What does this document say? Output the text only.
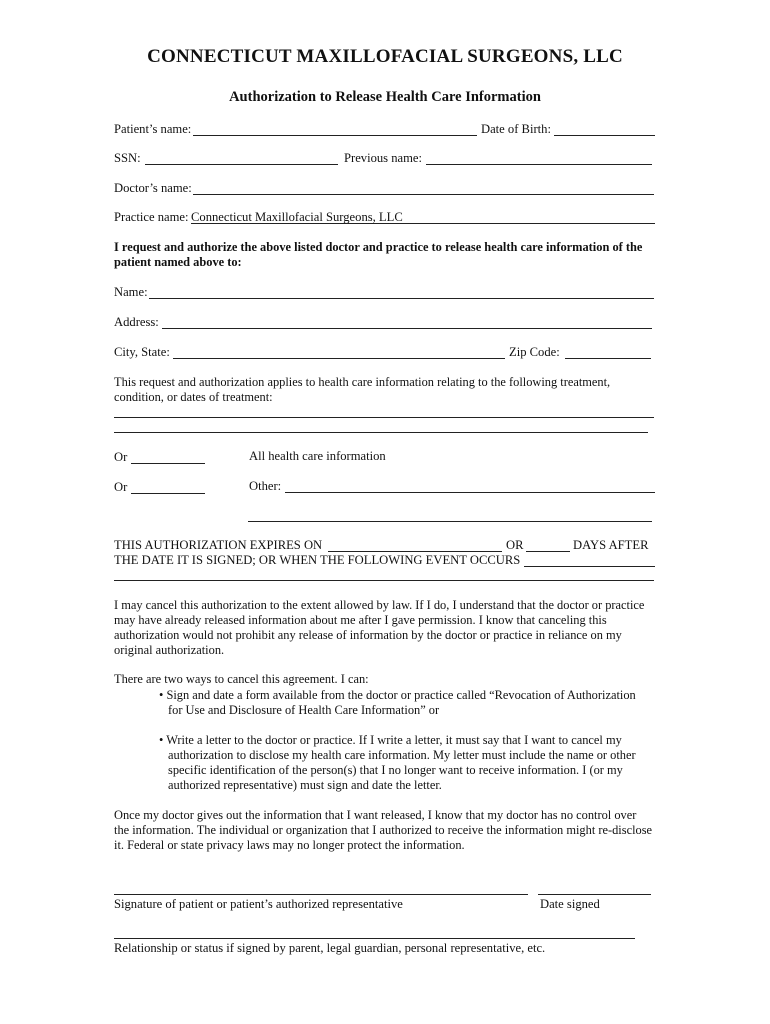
CONNECTICUT MAXILLOFACIAL SURGEONS, LLC
Authorization to Release Health Care Information
Patient’s name:	Date of Birth:
SSN:	Previous name:
Doctor’s name:
Practice name: Connecticut Maxillofacial Surgeons, LLC
I request and authorize the above listed doctor and practice to release health care information of the patient named above to:
Name:
Address:
City, State:	Zip Code:
This request and authorization applies to health care information relating to the following treatment, condition, or dates of treatment:
Or	All health care information
Or	Other:
THIS AUTHORIZATION EXPIRES ON	OR	DAYS AFTER
THE DATE IT IS SIGNED; OR WHEN THE FOLLOWING EVENT OCCURS
I may cancel this authorization to the extent allowed by law. If I do, I understand that the doctor or practice may have already released information about me after I gave permission. I know that canceling this authorization would not prohibit any release of information by the doctor or practice in reliance on my original authorization.
There are two ways to cancel this agreement. I can:
• Sign and date a form available from the doctor or practice called “Revocation of Authorization for Use and Disclosure of Health Care Information” or
• Write a letter to the doctor or practice. If I write a letter, it must say that I want to cancel my authorization to disclose my health care information. My letter must include the name or other specific identification of the person(s) that I no longer want to receive information. I (or my authorized representative) must sign and date the letter.
Once my doctor gives out the information that I want released, I know that my doctor has no control over the information. The individual or organization that I authorized to receive the information might re-disclose it. Federal or state privacy laws may no longer protect the information.
Signature of patient or patient’s authorized representative	Date signed
Relationship or status if signed by parent, legal guardian, personal representative, etc.
